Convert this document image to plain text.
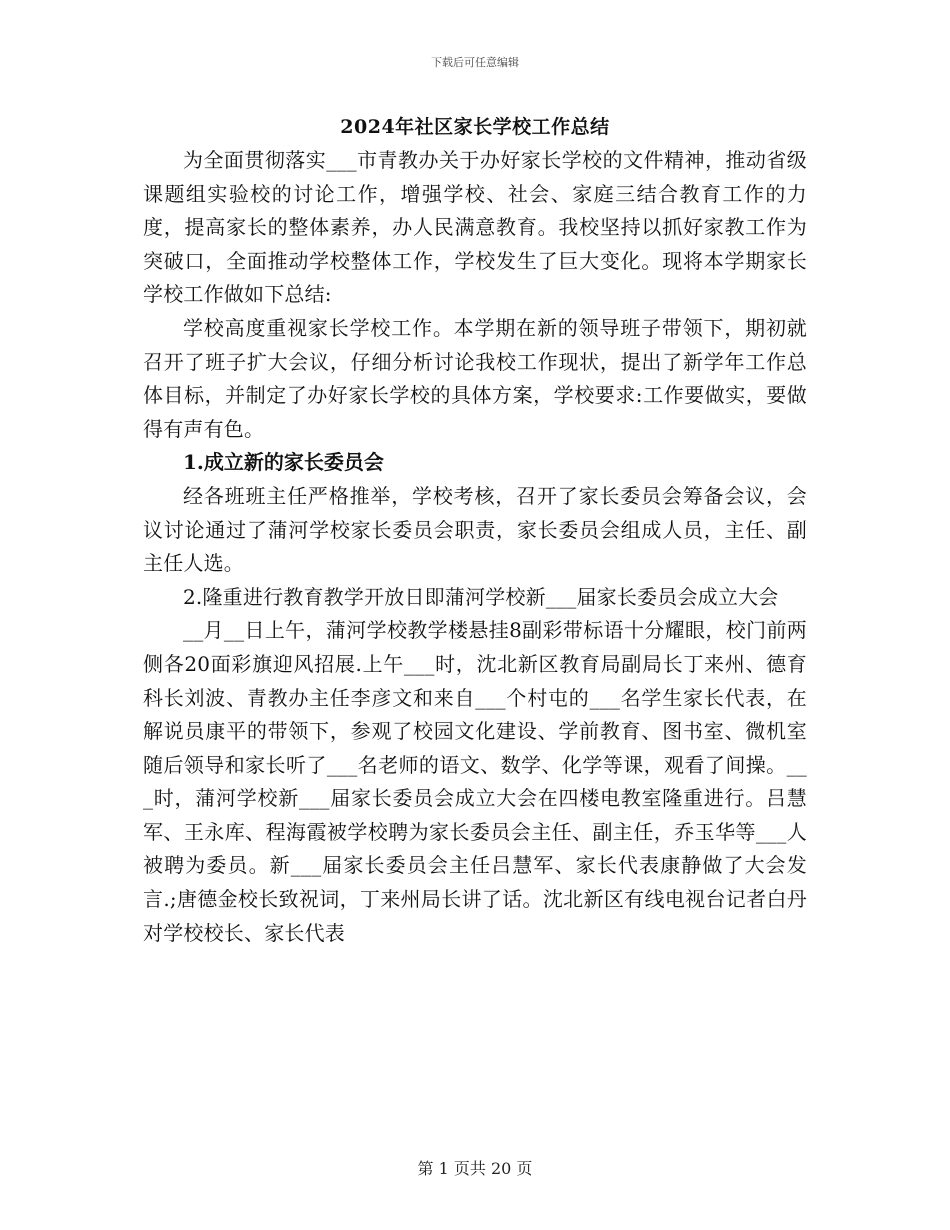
下载后可任意编辑
2024年社区家长学校工作总结

为全面贯彻落实___市青教办关于办好家长学校的文件精神，推动省级课题组实验校的讨论工作，增强学校、社会、家庭三结合教育工作的力度，提高家长的整体素养，办人民满意教育。我校坚持以抓好家教工作为突破口，全面推动学校整体工作，学校发生了巨大变化。现将本学期家长学校工作做如下总结:

学校高度重视家长学校工作。本学期在新的领导班子带领下，期初就召开了班子扩大会议，仔细分析讨论我校工作现状，提出了新学年工作总体目标，并制定了办好家长学校的具体方案，学校要求:工作要做实，要做得有声有色。

1.成立新的家长委员会

经各班班主任严格推举，学校考核，召开了家长委员会筹备会议，会议讨论通过了蒲河学校家长委员会职责，家长委员会组成人员，主任、副主任人选。

2.隆重进行教育教学开放日即蒲河学校新___届家长委员会成立大会

__月__日上午，蒲河学校教学楼悬挂8副彩带标语十分耀眼，校门前两侧各20面彩旗迎风招展.上午___时，沈北新区教育局副局长丁来州、德育科长刘波、青教办主任李彦文和来自___个村屯的___名学生家长代表，在解说员康平的带领下，参观了校园文化建设、学前教育、图书室、微机室随后领导和家长听了___名老师的语文、数学、化学等课，观看了间操。___时，蒲河学校新___届家长委员会成立大会在四楼电教室隆重进行。吕慧军、王永库、程海霞被学校聘为家长委员会主任、副主任，乔玉华等___人被聘为委员。新___届家长委员会主任吕慧军、家长代表康静做了大会发言.;唐德金校长致祝词，丁来州局长讲了话。沈北新区有线电视台记者白丹对学校校长、家长代表

第 1 页共 20 页
